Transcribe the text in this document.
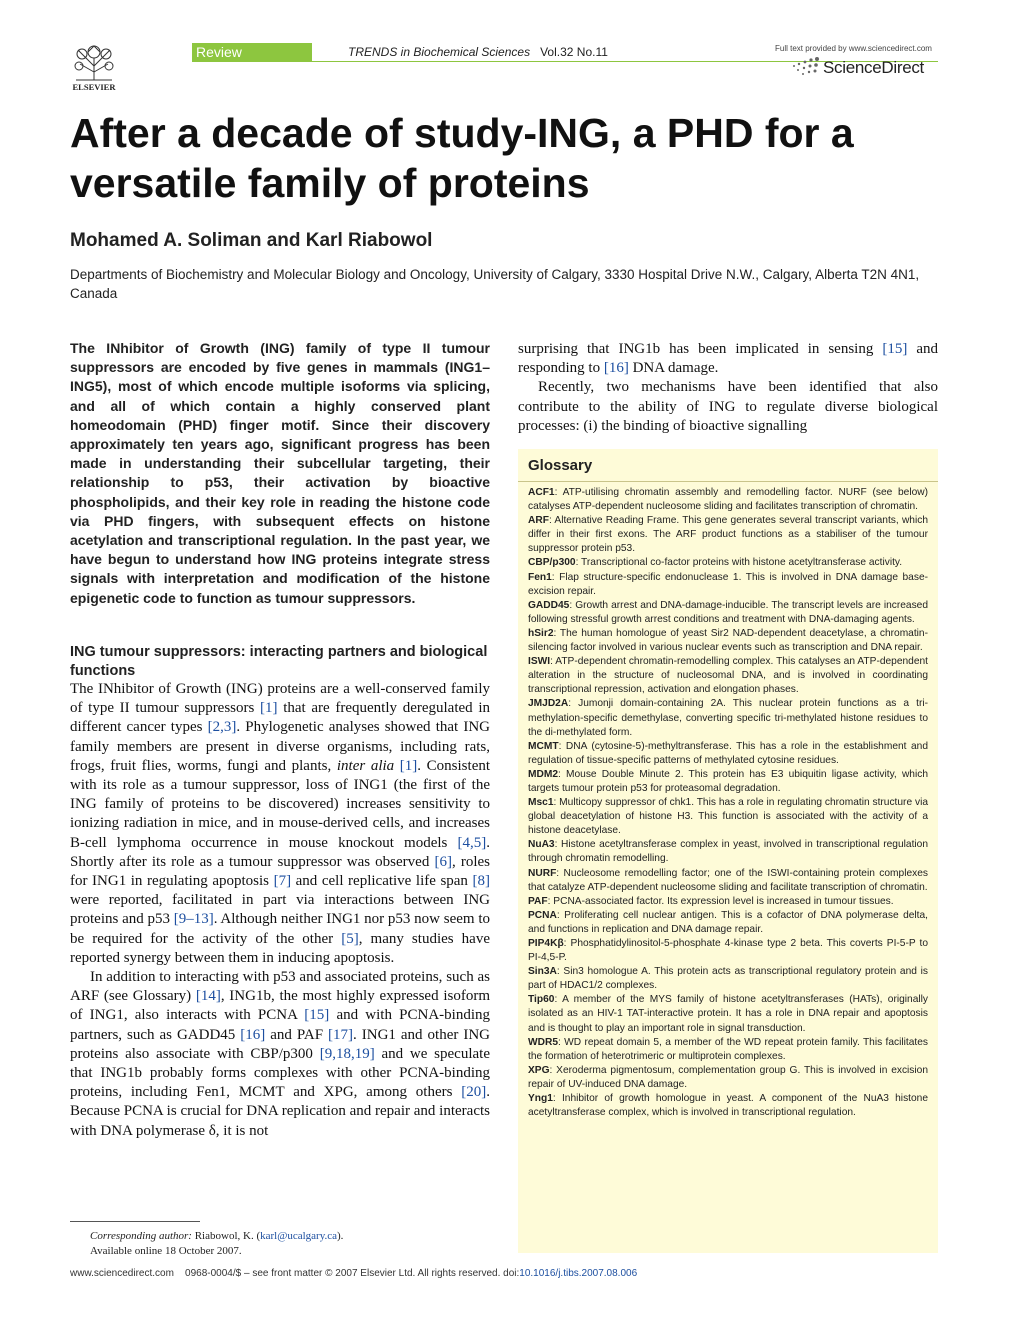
ELSEVIER
Review	TRENDS in Biochemical Sciences Vol.32 No.11	Full text provided by www.sciencedirect.com
ScienceDirect
After a decade of study-ING, a PHD for a versatile family of proteins
Mohamed A. Soliman and Karl Riabowol
Departments of Biochemistry and Molecular Biology and Oncology, University of Calgary, 3330 Hospital Drive N.W., Calgary, Alberta T2N 4N1, Canada
The INhibitor of Growth (ING) family of type II tumour suppressors are encoded by five genes in mammals (ING1–ING5), most of which encode multiple isoforms via splicing, and all of which contain a highly conserved plant homeodomain (PHD) finger motif. Since their discovery approximately ten years ago, significant progress has been made in understanding their subcellular targeting, their relationship to p53, their activation by bioactive phospholipids, and their key role in reading the histone code via PHD fingers, with subsequent effects on histone acetylation and transcriptional regulation. In the past year, we have begun to understand how ING proteins integrate stress signals with interpretation and modification of the histone epigenetic code to function as tumour suppressors.
ING tumour suppressors: interacting partners and biological functions

The INhibitor of Growth (ING) proteins are a well-conserved family of type II tumour suppressors [1] that are frequently deregulated in different cancer types [2,3]. Phylogenetic analyses showed that ING family members are present in diverse organisms, including rats, frogs, fruit flies, worms, fungi and plants, inter alia [1]. Consistent with its role as a tumour suppressor, loss of ING1 (the first of the ING family of proteins to be discovered) increases sensitivity to ionizing radiation in mice, and in mouse-derived cells, and increases B-cell lymphoma occurrence in mouse knockout models [4,5]. Shortly after its role as a tumour suppressor was observed [6], roles for ING1 in regulating apoptosis [7] and cell replicative life span [8] were reported, facilitated in part via interactions between ING proteins and p53 [9–13]. Although neither ING1 nor p53 now seem to be required for the activity of the other [5], many studies have reported synergy between them in inducing apoptosis.

In addition to interacting with p53 and associated proteins, such as ARF (see Glossary) [14], ING1b, the most highly expressed isoform of ING1, also interacts with PCNA [15] and with PCNA-binding partners, such as GADD45 [16] and PAF [17]. ING1 and other ING proteins also associate with CBP/p300 [9,18,19] and we speculate that ING1b probably forms complexes with other PCNA-binding proteins, including Fen1, MCMT and XPG, among others [20]. Because PCNA is crucial for DNA replication and repair and interacts with DNA polymerase δ, it is not

Corresponding author: Riabowol, K. (karl@ucalgary.ca).
Available online 18 October 2007.

surprising that ING1b has been implicated in sensing [15] and responding to [16] DNA damage.

Recently, two mechanisms have been identified that also contribute to the ability of ING to regulate diverse biological processes: (i) the binding of bioactive signalling

Glossary

ACF1: ATP-utilising chromatin assembly and remodelling factor. NURF (see below) catalyses ATP-dependent nucleosome sliding and facilitates transcription of chromatin.

ARF: Alternative Reading Frame. This gene generates several transcript variants, which differ in their first exons. The ARF product functions as a stabiliser of the tumour suppressor protein p53.

CBP/p300: Transcriptional co-factor proteins with histone acetyltransferase activity.

Fen1: Flap structure-specific endonuclease 1. This is involved in DNA damage base-excision repair.

GADD45: Growth arrest and DNA-damage-inducible. The transcript levels are increased following stressful growth arrest conditions and treatment with DNA-damaging agents.

hSir2: The human homologue of yeast Sir2 NAD-dependent deacetylase, a chromatin-silencing factor involved in various nuclear events such as transcription and DNA repair.

ISWI: ATP-dependent chromatin-remodelling complex. This catalyses an ATP-dependent alteration in the structure of nucleosomal DNA, and is involved in coordinating transcriptional repression, activation and elongation phases.

JMJD2A: Jumonji domain-containing 2A. This nuclear protein functions as a tri-methylation-specific demethylase, converting specific tri-methylated histone residues to the di-methylated form.

MCMT: DNA (cytosine-5)-methyltransferase. This has a role in the establishment and regulation of tissue-specific patterns of methylated cytosine residues.

MDM2: Mouse Double Minute 2. This protein has E3 ubiquitin ligase activity, which targets tumour protein p53 for proteasomal degradation.

Msc1: Multicopy suppressor of chk1. This has a role in regulating chromatin structure via global deacetylation of histone H3. This function is associated with the activity of a histone deacetylase.

NuA3: Histone acetyltransferase complex in yeast, involved in transcriptional regulation through chromatin remodelling.

NURF: Nucleosome remodelling factor; one of the ISWI-containing protein complexes that catalyze ATP-dependent nucleosome sliding and facilitate transcription of chromatin.

PAF: PCNA-associated factor. Its expression level is increased in tumour tissues.

PCNA: Proliferating cell nuclear antigen. This is a cofactor of DNA polymerase delta, and functions in replication and DNA damage repair.

PIP4Kβ: Phosphatidylinositol-5-phosphate 4-kinase type 2 beta. This coverts PI-5-P to PI-4,5-P.

Sin3A: Sin3 homologue A. This protein acts as transcriptional regulatory protein and is part of HDAC1/2 complexes.

Tip60: A member of the MYS family of histone acetyltransferases (HATs), originally isolated as an HIV-1 TAT-interactive protein. It has a role in DNA repair and apoptosis and is thought to play an important role in signal transduction.

WDR5: WD repeat domain 5, a member of the WD repeat protein family. This facilitates the formation of heterotrimeric or multiprotein complexes.

XPG: Xeroderma pigmentosum, complementation group G. This is involved in excision repair of UV-induced DNA damage.

Yng1: Inhibitor of growth homologue in yeast. A component of the NuA3 histone acetyltransferase complex, which is involved in transcriptional regulation.

www.sciencedirect.com 0968-0004/$ – see front matter © 2007 Elsevier Ltd. All rights reserved. doi:10.1016/j.tibs.2007.08.006
